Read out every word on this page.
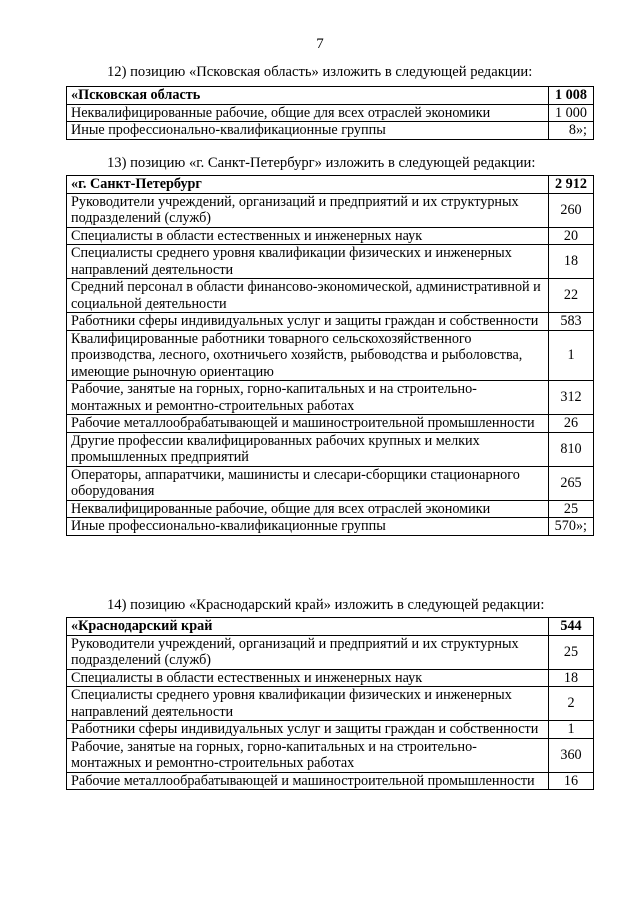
7
12) позицию «Псковская область» изложить в следующей редакции:
«Псковская область	1 008
Неквалифицированные рабочие, общие для всех отраслей экономики	1 000
Иные профессионально-квалификационные группы	8»;
13) позицию «г. Санкт-Петербург» изложить в следующей редакции:
«г. Санкт-Петербург	2 912
Руководители учреждений, организаций и предприятий и их структурных подразделений (служб)	260
Специалисты в области естественных и инженерных наук	20
Специалисты среднего уровня квалификации физических и инженерных направлений деятельности	18
Средний персонал в области финансово-экономической, административной и социальной деятельности	22
Работники сферы индивидуальных услуг и защиты граждан и собственности	583
Квалифицированные работники товарного сельскохозяйственного производства, лесного, охотничьего хозяйств, рыбоводства и рыболовства, имеющие рыночную ориентацию	1
Рабочие, занятые на горных, горно-капитальных и на строительно-монтажных и ремонтно-строительных работах	312
Рабочие металлообрабатывающей и машиностроительной промышленности	26
Другие профессии квалифицированных рабочих крупных и мелких промышленных предприятий	810
Операторы, аппаратчики, машинисты и слесари-сборщики стационарного оборудования	265
Неквалифицированные рабочие, общие для всех отраслей экономики	25
Иные профессионально-квалификационные группы	570»;
14) позицию «Краснодарский край» изложить в следующей редакции:
«Краснодарский край	544
Руководители учреждений, организаций и предприятий и их структурных подразделений (служб)	25
Специалисты в области естественных и инженерных наук	18
Специалисты среднего уровня квалификации физических и инженерных направлений деятельности	2
Работники сферы индивидуальных услуг и защиты граждан и собственности	1
Рабочие, занятые на горных, горно-капитальных и на строительно-монтажных и ремонтно-строительных работах	360
Рабочие металлообрабатывающей и машиностроительной промышленности	16
